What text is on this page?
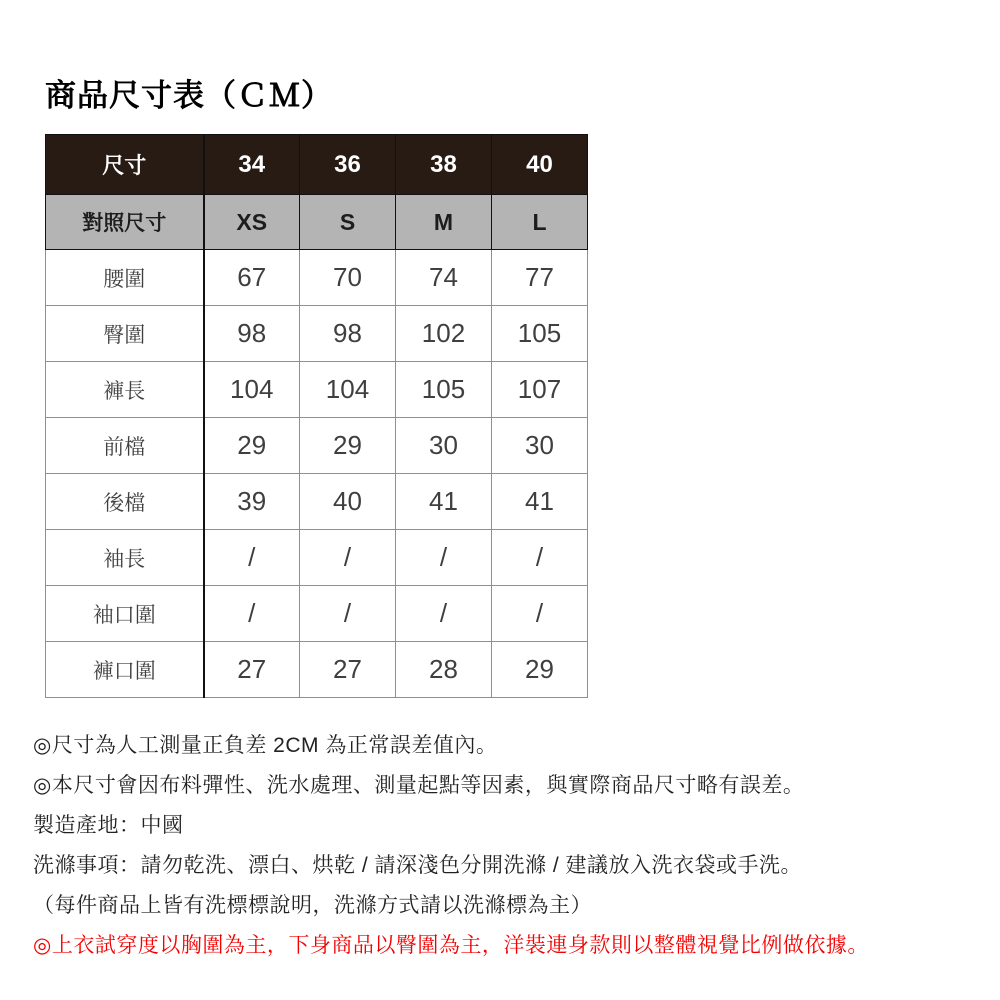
商品尺寸表（ＣＭ）
尺寸	34	36	38	40
對照尺寸	XS	S	M	L
腰圍	67	70	74	77
臀圍	98	98	102	105
褲長	104	104	105	107
前檔	29	29	30	30
後檔	39	40	41	41
袖長	/	/	/	/
袖口圍	/	/	/	/
褲口圍	27	27	28	29
◎尺寸為人工測量正負差 2CM 為正常誤差值內。
◎本尺寸會因布料彈性、洗水處理、測量起點等因素，與實際商品尺寸略有誤差。
製造產地：中國
洗滌事項：請勿乾洗、漂白、烘乾 / 請深淺色分開洗滌 / 建議放入洗衣袋或手洗。
（每件商品上皆有洗標標說明，洗滌方式請以洗滌標為主）
◎上衣試穿度以胸圍為主，下身商品以臀圍為主，洋裝連身款則以整體視覺比例做依據。
